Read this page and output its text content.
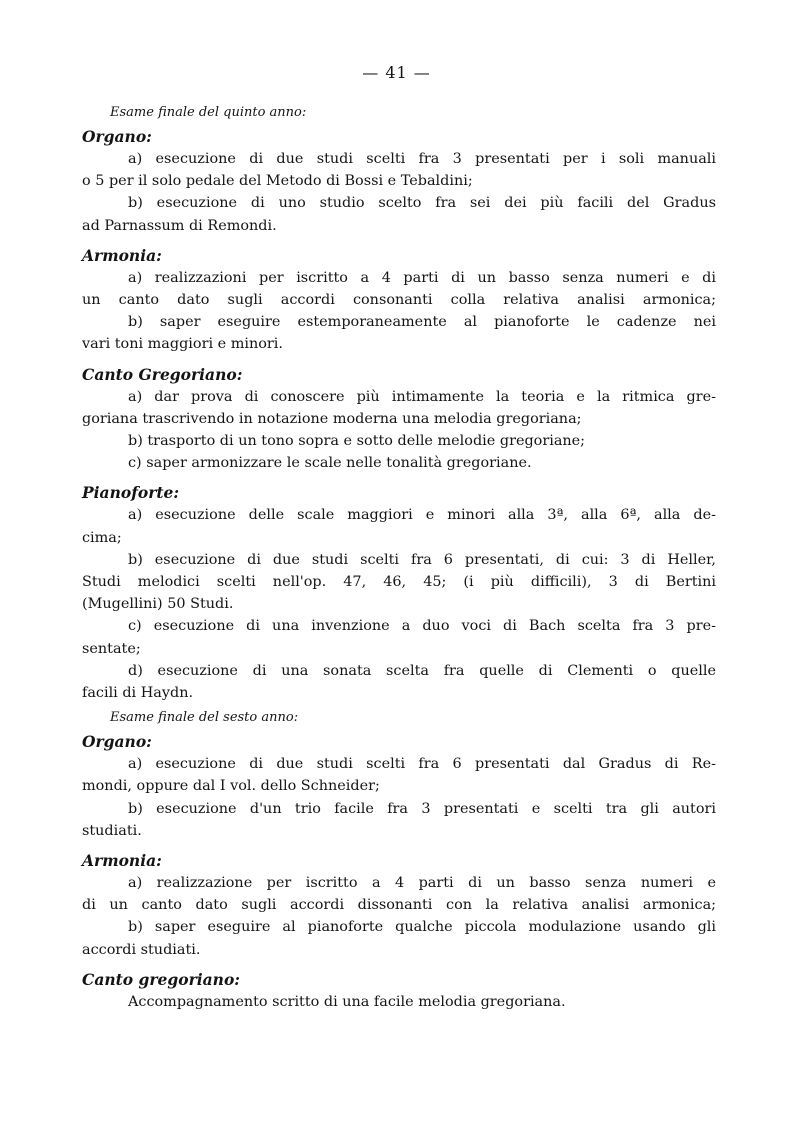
— 41 —
Esame finale del quinto anno:
Organo:
a) esecuzione di due studi scelti fra 3 presentati per i soli manuali
o 5 per il solo pedale del Metodo di Bossi e Tebaldini;
b) esecuzione di uno studio scelto fra sei dei più facili del Gradus
ad Parnassum di Remondi.
Armonia:
a) realizzazioni per iscritto a 4 parti di un basso senza numeri e di
un canto dato sugli accordi consonanti colla relativa analisi armonica;
b) saper eseguire estemporaneamente al pianoforte le cadenze nei
vari toni maggiori e minori.
Canto Gregoriano:
a) dar prova di conoscere più intimamente la teoria e la ritmica gre-
goriana trascrivendo in notazione moderna una melodia gregoriana;
b) trasporto di un tono sopra e sotto delle melodie gregoriane;
c) saper armonizzare le scale nelle tonalità gregoriane.
Pianoforte:
a) esecuzione delle scale maggiori e minori alla 3ª, alla 6ª, alla de-
cima;
b) esecuzione di due studi scelti fra 6 presentati, di cui: 3 di Heller,
Studi melodici scelti nell'op. 47, 46, 45; (i più difficili), 3 di Bertini
(Mugellini) 50 Studi.
c) esecuzione di una invenzione a duo voci di Bach scelta fra 3 pre-
sentate;
d) esecuzione di una sonata scelta fra quelle di Clementi o quelle
facili di Haydn.
Esame finale del sesto anno:
Organo:
a) esecuzione di due studi scelti fra 6 presentati dal Gradus di Re-
mondi, oppure dal I vol. dello Schneider;
b) esecuzione d'un trio facile fra 3 presentati e scelti tra gli autori
studiati.
Armonia:
a) realizzazione per iscritto a 4 parti di un basso senza numeri e
di un canto dato sugli accordi dissonanti con la relativa analisi armonica;
b) saper eseguire al pianoforte qualche piccola modulazione usando gli
accordi studiati.
Canto gregoriano:
Accompagnamento scritto di una facile melodia gregoriana.
